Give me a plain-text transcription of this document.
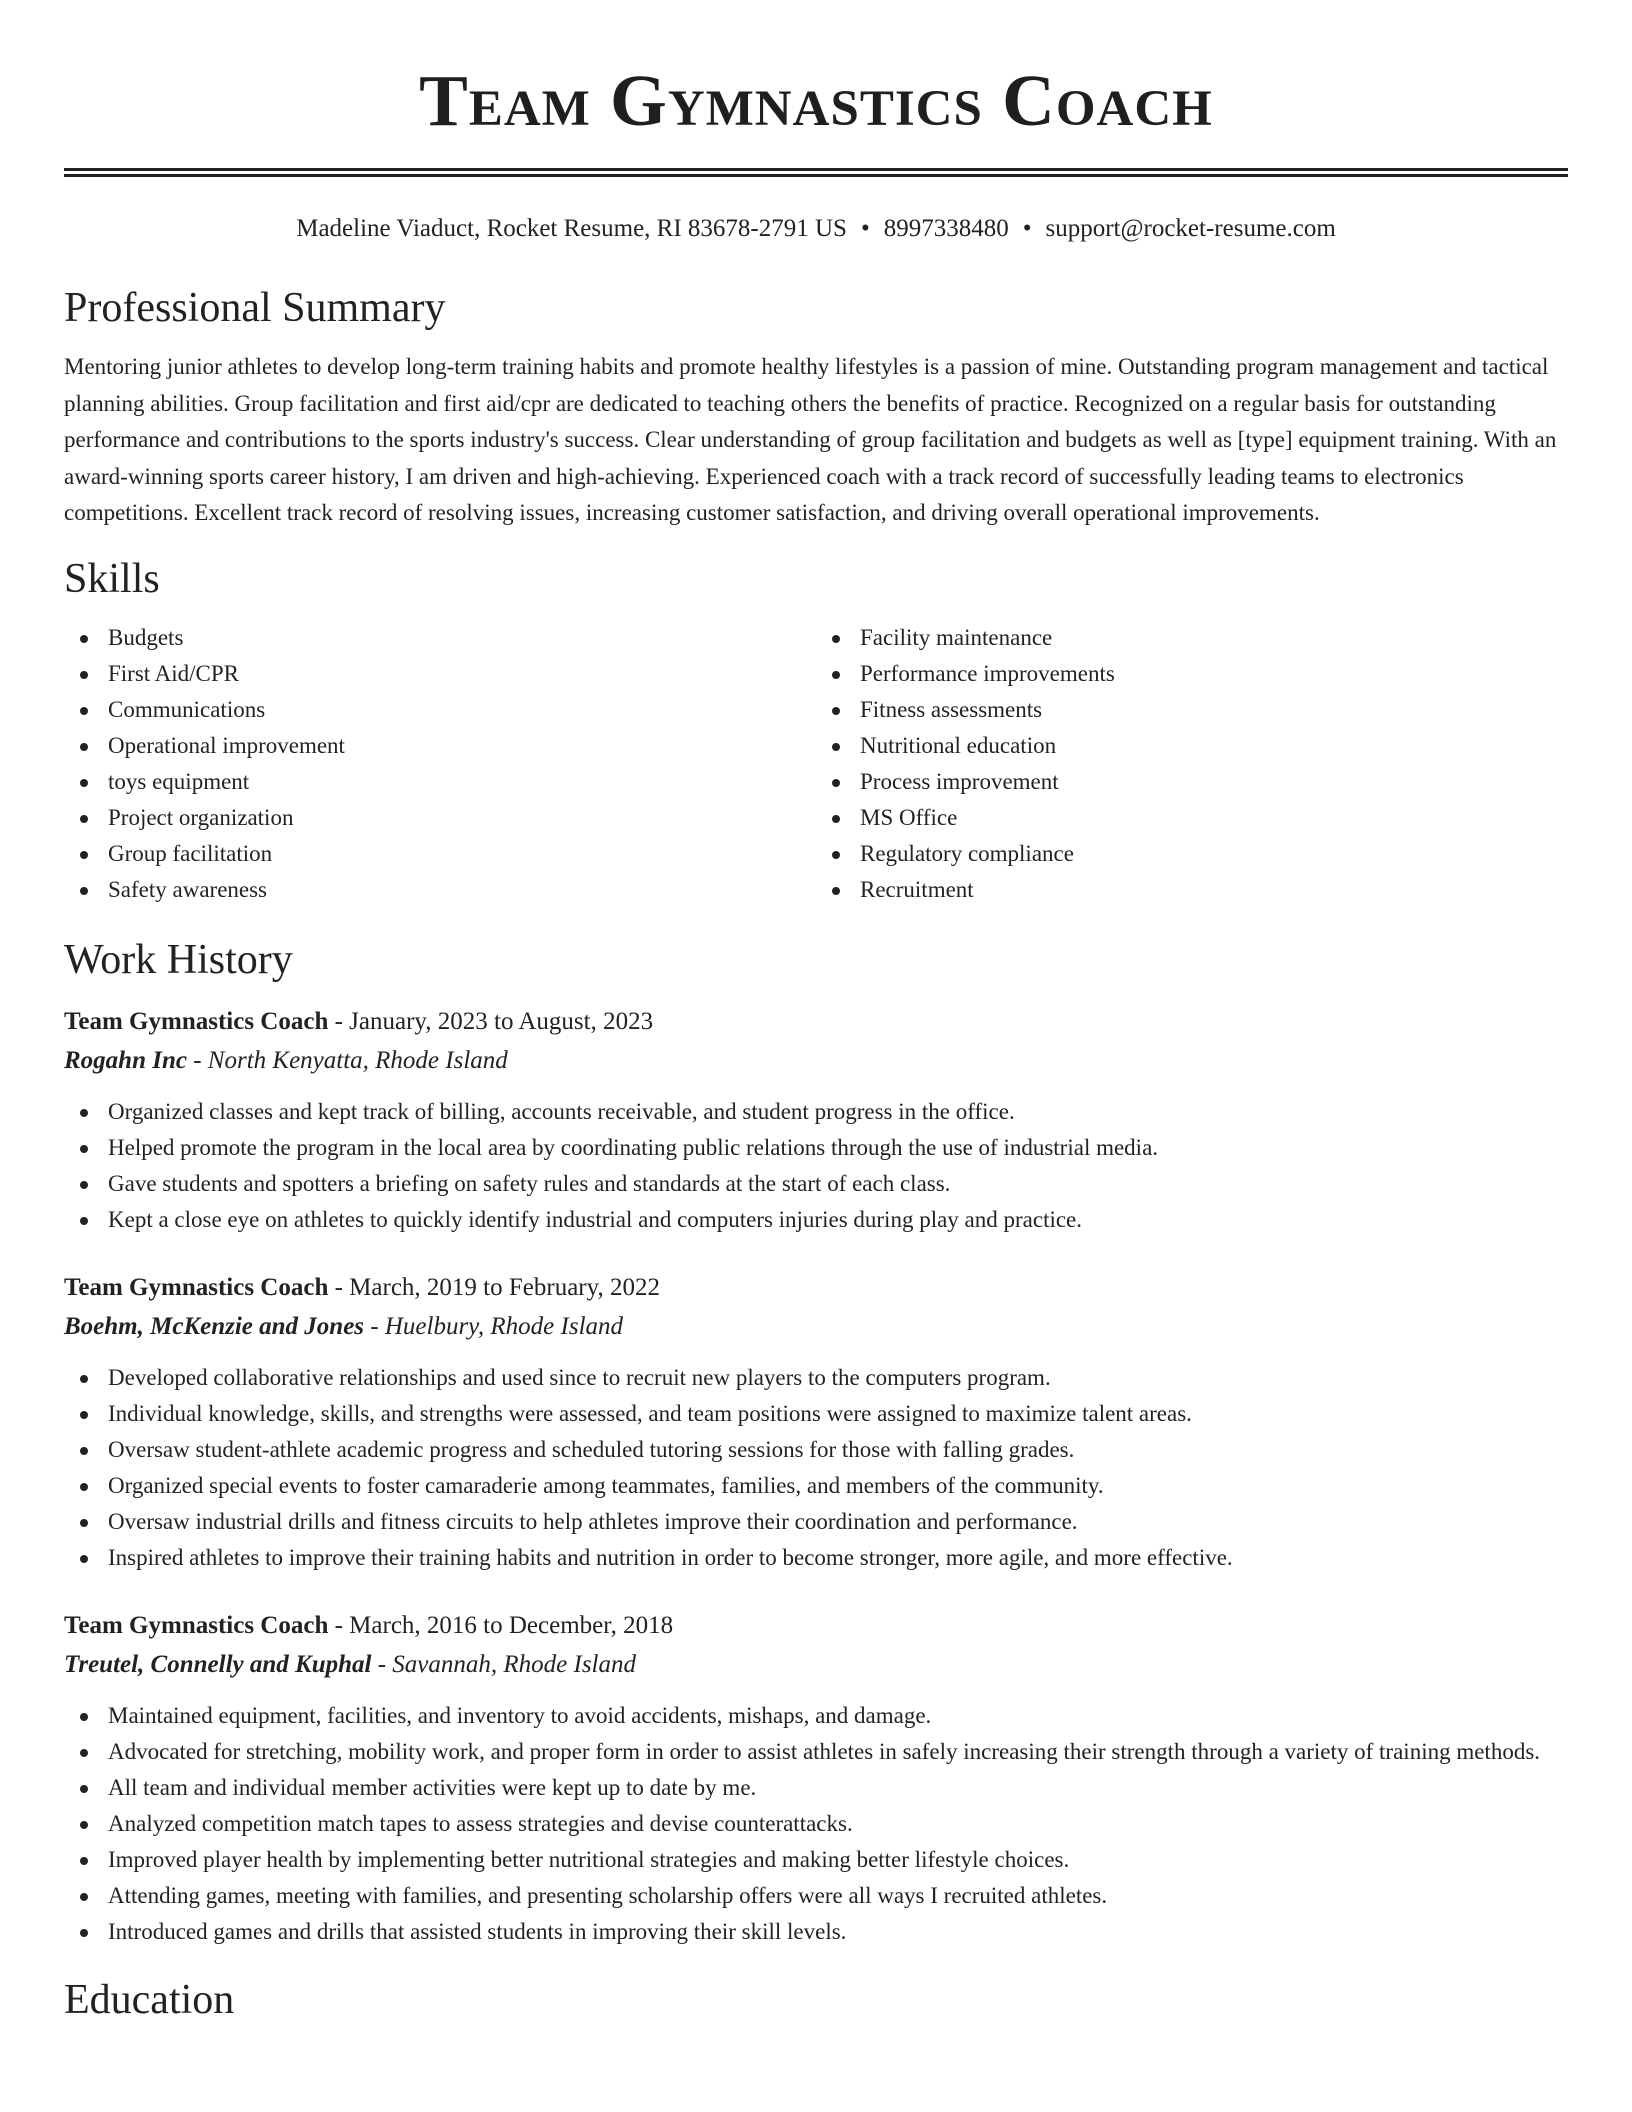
Team Gymnastics Coach
Madeline Viaduct, Rocket Resume, RI 83678-2791 US • 8997338480 • support@rocket-resume.com
Professional Summary

Mentoring junior athletes to develop long-term training habits and promote healthy lifestyles is a passion of mine. Outstanding program management and tactical planning abilities. Group facilitation and first aid/cpr are dedicated to teaching others the benefits of practice. Recognized on a regular basis for outstanding performance and contributions to the sports industry's success. Clear understanding of group facilitation and budgets as well as [type] equipment training. With an award-winning sports career history, I am driven and high-achieving. Experienced coach with a track record of successfully leading teams to electronics competitions. Excellent track record of resolving issues, increasing customer satisfaction, and driving overall operational improvements.

Skills
Budgets
First Aid/CPR
Communications
Operational improvement
toys equipment
Project organization
Group facilitation
Safety awareness
Facility maintenance
Performance improvements
Fitness assessments
Nutritional education
Process improvement
MS Office
Regulatory compliance
Recruitment
Work History
Team Gymnastics Coach - January, 2023 to August, 2023
Rogahn Inc - North Kenyatta, Rhode Island
Organized classes and kept track of billing, accounts receivable, and student progress in the office.
Helped promote the program in the local area by coordinating public relations through the use of industrial media.
Gave students and spotters a briefing on safety rules and standards at the start of each class.
Kept a close eye on athletes to quickly identify industrial and computers injuries during play and practice.
Team Gymnastics Coach - March, 2019 to February, 2022
Boehm, McKenzie and Jones - Huelbury, Rhode Island
Developed collaborative relationships and used since to recruit new players to the computers program.
Individual knowledge, skills, and strengths were assessed, and team positions were assigned to maximize talent areas.
Oversaw student-athlete academic progress and scheduled tutoring sessions for those with falling grades.
Organized special events to foster camaraderie among teammates, families, and members of the community.
Oversaw industrial drills and fitness circuits to help athletes improve their coordination and performance.
Inspired athletes to improve their training habits and nutrition in order to become stronger, more agile, and more effective.
Team Gymnastics Coach - March, 2016 to December, 2018
Treutel, Connelly and Kuphal - Savannah, Rhode Island
Maintained equipment, facilities, and inventory to avoid accidents, mishaps, and damage.
Advocated for stretching, mobility work, and proper form in order to assist athletes in safely increasing their strength through a variety of training methods.
All team and individual member activities were kept up to date by me.
Analyzed competition match tapes to assess strategies and devise counterattacks.
Improved player health by implementing better nutritional strategies and making better lifestyle choices.
Attending games, meeting with families, and presenting scholarship offers were all ways I recruited athletes.
Introduced games and drills that assisted students in improving their skill levels.
Education
